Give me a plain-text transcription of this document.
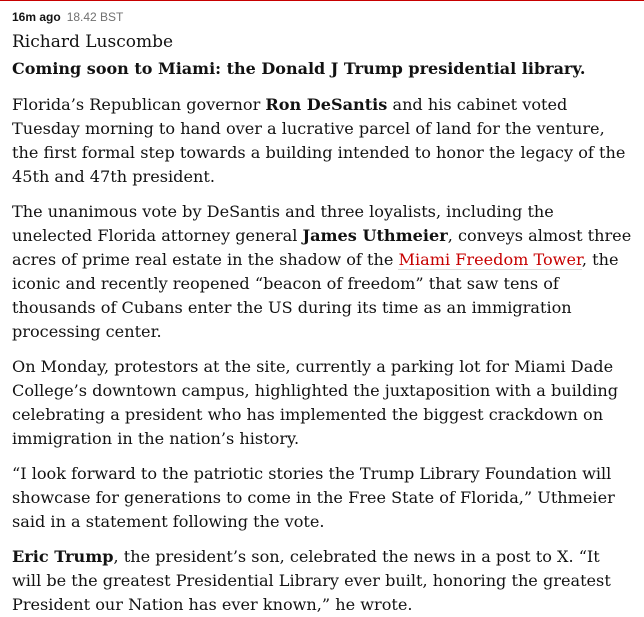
16m ago 18.42 BST
Richard Luscombe
Coming soon to Miami: the Donald J Trump presidential library.

Florida’s Republican governor Ron DeSantis and his cabinet voted Tuesday morning to hand over a lucrative parcel of land for the venture, the first formal step towards a building intended to honor the legacy of the 45th and 47th president.

The unanimous vote by DeSantis and three loyalists, including the unelected Florida attorney general James Uthmeier, conveys almost three acres of prime real estate in the shadow of the Miami Freedom Tower, the iconic and recently reopened “beacon of freedom” that saw tens of thousands of Cubans enter the US during its time as an immigration processing center.

On Monday, protestors at the site, currently a parking lot for Miami Dade College’s downtown campus, highlighted the juxtaposition with a building celebrating a president who has implemented the biggest crackdown on immigration in the nation’s history.

“I look forward to the patriotic stories the Trump Library Foundation will showcase for generations to come in the Free State of Florida,” Uthmeier said in a statement following the vote.

Eric Trump, the president’s son, celebrated the news in a post to X. “It will be the greatest Presidential Library ever built, honoring the greatest President our Nation has ever known,” he wrote.
